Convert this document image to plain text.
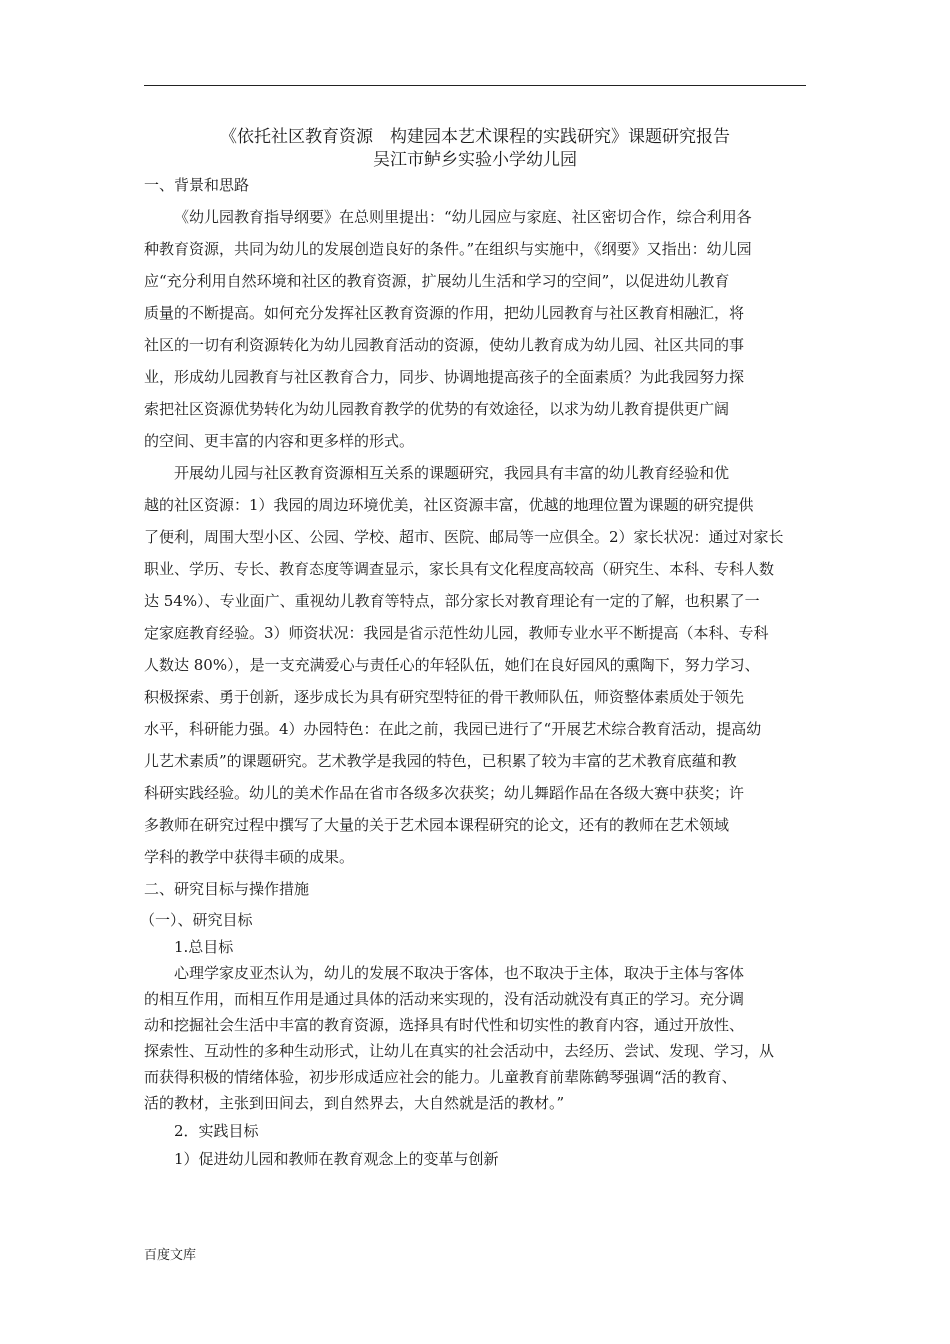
《依托社区教育资源　构建园本艺术课程的实践研究》课题研究报告
吴江市鲈乡实验小学幼儿园
一、背景和思路
《幼儿园教育指导纲要》在总则里提出：“幼儿园应与家庭、社区密切合作，综合利用各
种教育资源，共同为幼儿的发展创造良好的条件。”在组织与实施中，《纲要》又指出：幼儿园
应“充分利用自然环境和社区的教育资源，扩展幼儿生活和学习的空间”，以促进幼儿教育
质量的不断提高。如何充分发挥社区教育资源的作用，把幼儿园教育与社区教育相融汇，将
社区的一切有利资源转化为幼儿园教育活动的资源，使幼儿教育成为幼儿园、社区共同的事
业，形成幼儿园教育与社区教育合力，同步、协调地提高孩子的全面素质？为此我园努力探
索把社区资源优势转化为幼儿园教育教学的优势的有效途径，以求为幼儿教育提供更广阔
的空间、更丰富的内容和更多样的形式。
开展幼儿园与社区教育资源相互关系的课题研究，我园具有丰富的幼儿教育经验和优
越的社区资源：1）我园的周边环境优美，社区资源丰富，优越的地理位置为课题的研究提供
了便利，周围大型小区、公园、学校、超市、医院、邮局等一应俱全。2）家长状况：通过对家长
职业、学历、专长、教育态度等调查显示，家长具有文化程度高较高（研究生、本科、专科人数
达 54%）、专业面广、重视幼儿教育等特点，部分家长对教育理论有一定的了解，也积累了一
定家庭教育经验。3）师资状况：我园是省示范性幼儿园，教师专业水平不断提高（本科、专科
人数达 80%），是一支充满爱心与责任心的年轻队伍，她们在良好园风的熏陶下，努力学习、
积极探索、勇于创新，逐步成长为具有研究型特征的骨干教师队伍，师资整体素质处于领先
水平，科研能力强。4）办园特色：在此之前，我园已进行了“开展艺术综合教育活动，提高幼
儿艺术素质”的课题研究。艺术教学是我园的特色，已积累了较为丰富的艺术教育底蕴和教
科研实践经验。幼儿的美术作品在省市各级多次获奖；幼儿舞蹈作品在各级大赛中获奖；许
多教师在研究过程中撰写了大量的关于艺术园本课程研究的论文，还有的教师在艺术领域
学科的教学中获得丰硕的成果。
二、研究目标与操作措施
（一）、研究目标
1.总目标
心理学家皮亚杰认为，幼儿的发展不取决于客体，也不取决于主体，取决于主体与客体
的相互作用，而相互作用是通过具体的活动来实现的，没有活动就没有真正的学习。充分调
动和挖掘社会生活中丰富的教育资源，选择具有时代性和切实性的教育内容，通过开放性、
探索性、互动性的多种生动形式，让幼儿在真实的社会活动中，去经历、尝试、发现、学习，从
而获得积极的情绪体验，初步形成适应社会的能力。儿童教育前辈陈鹤琴强调“活的教育、
活的教材，主张到田间去，到自然界去，大自然就是活的教材。”
2．实践目标
1）促进幼儿园和教师在教育观念上的变革与创新
百度文库
